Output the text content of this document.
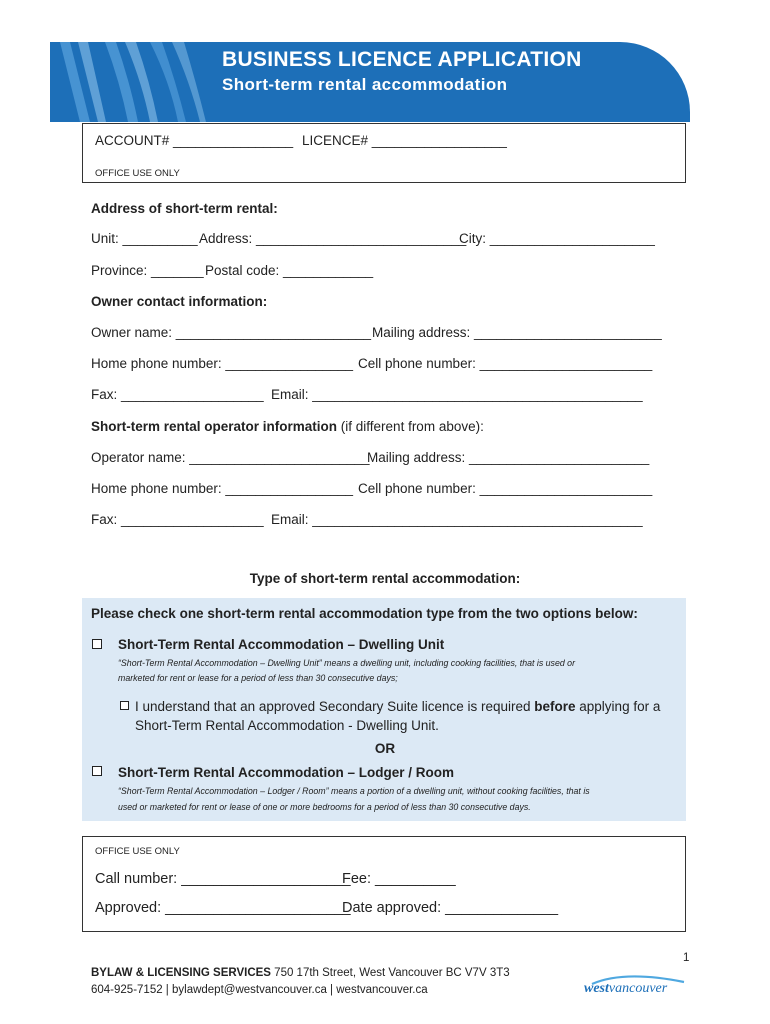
BUSINESS LICENCE APPLICATION
Short-term rental accommodation
ACCOUNT# ________________ LICENCE# __________________
OFFICE USE ONLY
Address of short-term rental:
Unit: __________ Address: ____________________________
City: ______________________
Province: _______ Postal code: ____________
Owner contact information:
Owner name: __________________________ Mailing address: _________________________
Home phone number: _________________ Cell phone number: _______________________
Fax: ___________________ Email: ____________________________________________
Short-term rental operator information (if different from above):
Operator name: ________________________
Mailing address: ________________________
Home phone number: _________________ Cell phone number: _______________________
Fax: ___________________ Email: ____________________________________________
Type of short-term rental accommodation:
Please check one short-term rental accommodation type from the two options below:
Short-Term Rental Accommodation – Dwelling Unit
“Short-Term Rental Accommodation – Dwelling Unit” means a dwelling unit, including cooking facilities, that is used or
marketed for rent or lease for a period of less than 30 consecutive days;
I understand that an approved Secondary Suite licence is required before applying for a
Short-Term Rental Accommodation - Dwelling Unit.
OR
Short-Term Rental Accommodation – Lodger / Room
“Short-Term Rental Accommodation – Lodger / Room” means a portion of a dwelling unit, without cooking facilities, that is
used or marketed for rent or lease of one or more bedrooms for a period of less than 30 consecutive days.
OFFICE USE ONLY
Call number: _____________________
Fee: __________
Approved: _______________________
Date approved: ______________
1
BYLAW & LICENSING SERVICES 750 17th Street, West Vancouver BC V7V 3T3
604-925-7152 | bylawdept@westvancouver.ca | westvancouver.ca	westvancouver
